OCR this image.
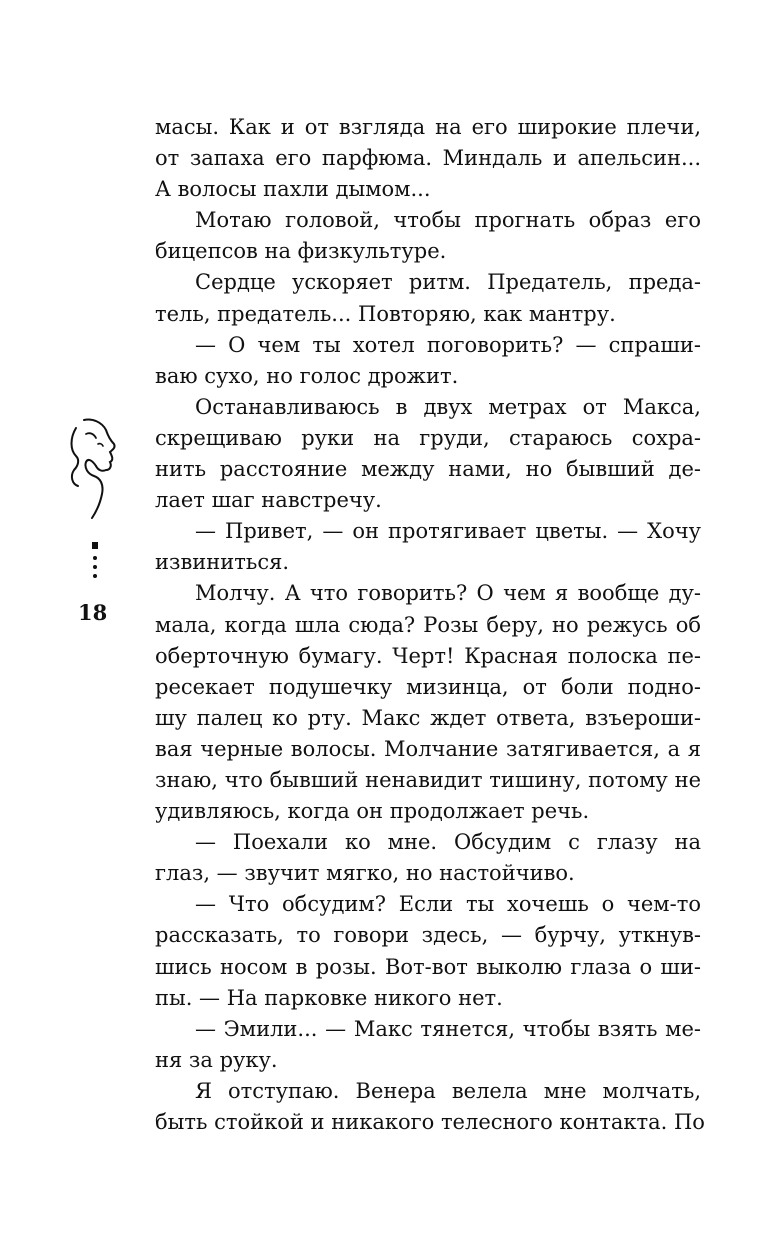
18
масы. Как и от взгляда на его широкие плечи,
от запаха его парфюма. Миндаль и апельсин...
А волосы пахли дымом...
Мотаю головой, чтобы прогнать образ его
бицепсов на физкультуре.
Сердце ускоряет ритм. Предатель, преда-
тель, предатель... Повторяю, как мантру.
— О чем ты хотел поговорить? — спраши-
ваю сухо, но голос дрожит.
Останавливаюсь в двух метрах от Макса,
скрещиваю руки на груди, стараюсь сохра-
нить расстояние между нами, но бывший де-
лает шаг навстречу.
— Привет, — он протягивает цветы. — Хочу
извиниться.
Молчу. А что говорить? О чем я вообще ду-
мала, когда шла сюда? Розы беру, но режусь об
оберточную бумагу. Черт! Красная полоска пе-
ресекает подушечку мизинца, от боли подно-
шу палец ко рту. Макс ждет ответа, взъероши-
вая черные волосы. Молчание затягивается, а я
знаю, что бывший ненавидит тишину, потому не
удивляюсь, когда он продолжает речь.
— Поехали ко мне. Обсудим с глазу на
глаз, — звучит мягко, но настойчиво.
— Что обсудим? Если ты хочешь о чем-то
рассказать, то говори здесь, — бурчу, уткнув-
шись носом в розы. Вот-вот выколю глаза о ши-
пы. — На парковке никого нет.
— Эмили... — Макс тянется, чтобы взять ме-
ня за руку.
Я отступаю. Венера велела мне молчать,
быть стойкой и никакого телесного контакта. По
